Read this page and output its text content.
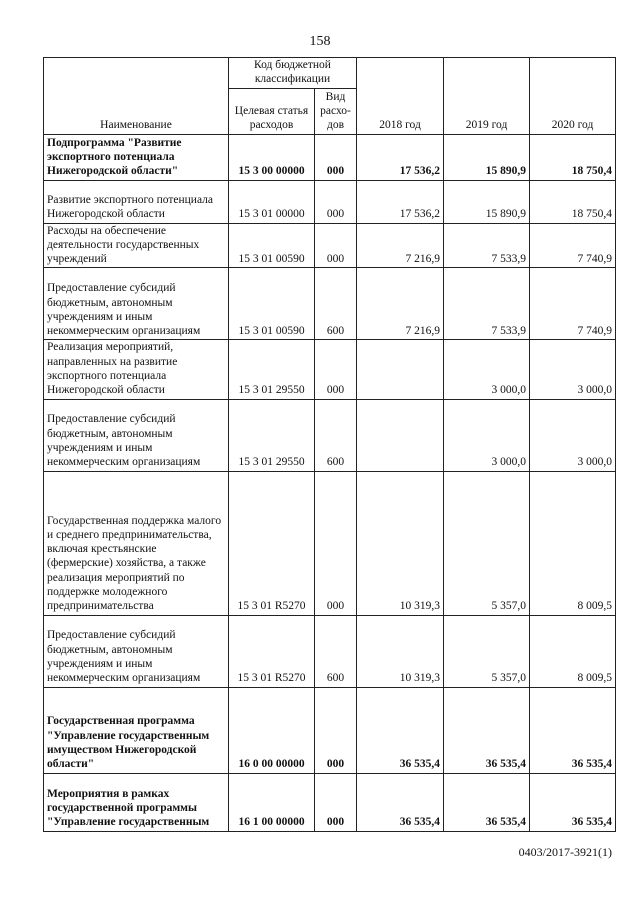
158
Наименование	Код бюджетной классификации		2018 год	2019 год	2020 год
	Целевая статья расходов	Вид расхо-дов			
Подпрограмма "Развитие экспортного потенциала Нижегородской области"	15 3 00 00000	000	17 536,2	15 890,9	18 750,4
Развитие экспортного потенциала Нижегородской области	15 3 01 00000	000	17 536,2	15 890,9	18 750,4
Расходы на обеспечение деятельности государственных учреждений	15 3 01 00590	000	7 216,9	7 533,9	7 740,9
Предоставление субсидий бюджетным, автономным учреждениям и иным некоммерческим организациям	15 3 01 00590	600	7 216,9	7 533,9	7 740,9
Реализация мероприятий, направленных на развитие экспортного потенциала Нижегородской области	15 3 01 29550	000		3 000,0	3 000,0
Предоставление субсидий бюджетным, автономным учреждениям и иным некоммерческим организациям	15 3 01 29550	600		3 000,0	3 000,0
Государственная поддержка малого и среднего предпринимательства, включая крестьянские (фермерские) хозяйства, а также реализация мероприятий по поддержке молодежного предпринимательства	15 3 01 R5270	000	10 319,3	5 357,0	8 009,5
Предоставление субсидий бюджетным, автономным учреждениям и иным некоммерческим организациям	15 3 01 R5270	600	10 319,3	5 357,0	8 009,5
Государственная программа "Управление государственным имуществом Нижегородской области"	16 0 00 00000	000	36 535,4	36 535,4	36 535,4
Мероприятия в рамках государственной программы "Управление государственным	16 1 00 00000	000	36 535,4	36 535,4	36 535,4
0403/2017-3921(1)
